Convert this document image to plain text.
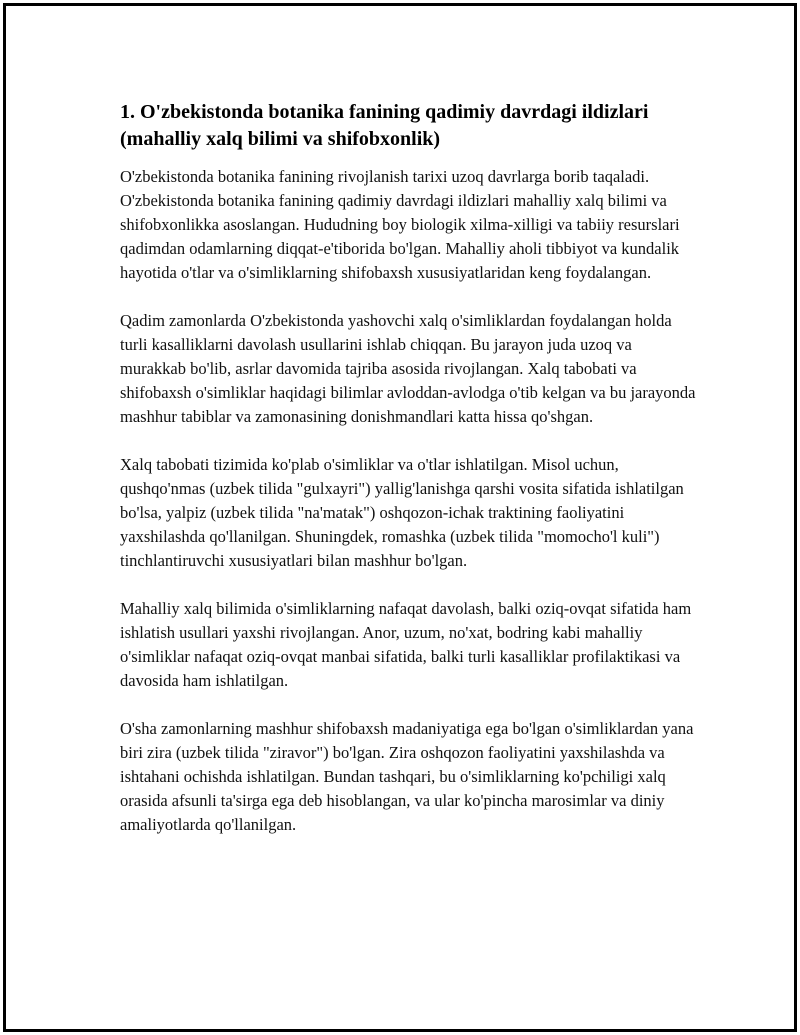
1. O'zbekistonda botanika fanining qadimiy davrdagi ildizlari (mahalliy xalq bilimi va shifobxonlik)

O'zbekistonda botanika fanining rivojlanish tarixi uzoq davrlarga borib taqaladi. O'zbekistonda botanika fanining qadimiy davrdagi ildizlari mahalliy xalq bilimi va shifobxonlikka asoslangan. Hududning boy biologik xilma-xilligi va tabiiy resurslari qadimdan odamlarning diqqat-e'tiborida bo'lgan. Mahalliy aholi tibbiyot va kundalik hayotida o'tlar va o'simliklarning shifobaxsh xususiyatlaridan keng foydalangan.

Qadim zamonlarda O'zbekistonda yashovchi xalq o'simliklardan foydalangan holda turli kasalliklarni davolash usullarini ishlab chiqqan. Bu jarayon juda uzoq va murakkab bo'lib, asrlar davomida tajriba asosida rivojlangan. Xalq tabobati va shifobaxsh o'simliklar haqidagi bilimlar avloddan-avlodga o'tib kelgan va bu jarayonda mashhur tabiblar va zamonasining donishmandlari katta hissa qo'shgan.

Xalq tabobati tizimida ko'plab o'simliklar va o'tlar ishlatilgan. Misol uchun, qushqo'nmas (uzbek tilida "gulxayri") yallig'lanishga qarshi vosita sifatida ishlatilgan bo'lsa, yalpiz (uzbek tilida "na'matak") oshqozon-ichak traktining faoliyatini yaxshilashda qo'llanilgan. Shuningdek, romashka (uzbek tilida "momocho'l kuli") tinchlantiruvchi xususiyatlari bilan mashhur bo'lgan.

Mahalliy xalq bilimida o'simliklarning nafaqat davolash, balki oziq-ovqat sifatida ham ishlatish usullari yaxshi rivojlangan. Anor, uzum, no'xat, bodring kabi mahalliy o'simliklar nafaqat oziq-ovqat manbai sifatida, balki turli kasalliklar profilaktikasi va davosida ham ishlatilgan.

O'sha zamonlarning mashhur shifobaxsh madaniyatiga ega bo'lgan o'simliklardan yana biri zira (uzbek tilida "ziravor") bo'lgan. Zira oshqozon faoliyatini yaxshilashda va ishtahani ochishda ishlatilgan. Bundan tashqari, bu o'simliklarning ko'pchiligi xalq orasida afsunli ta'sirga ega deb hisoblangan, va ular ko'pincha marosimlar va diniy amaliyotlarda qo'llanilgan.
